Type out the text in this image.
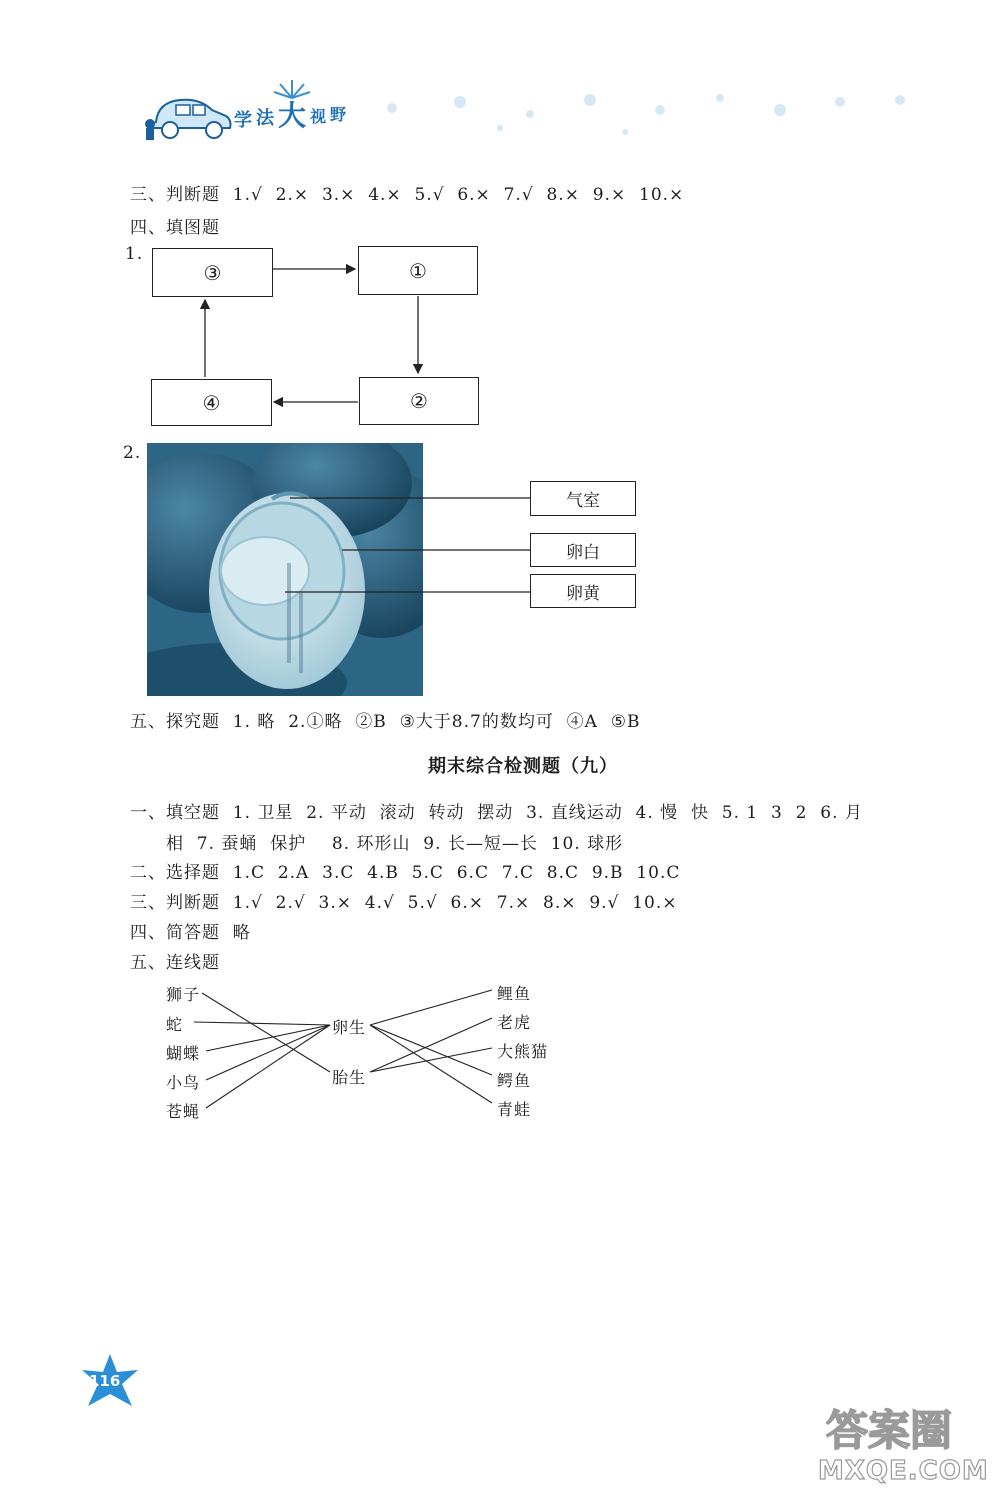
学 法 大 视 野
三、判断题  1.√  2.×  3.×  4.×  5.√  6.×  7.√  8.×  9.×  10.×
四、填图题
1.
③	①
②
④
2.
气室
卵白
卵黄
五、探究题  1. 略  2.①略  ②B  ③大于8.7的数均可  ④A  ⑤B
期末综合检测题（九）
一、填空题  1. 卫星  2. 平动  滚动  转动  摆动  3. 直线运动  4. 慢  快  5. 1  3  2  6. 月
相  7. 蚕蛹  保护    8. 环形山  9. 长—短—长  10. 球形
二、选择题  1.C  2.A  3.C  4.B  5.C  6.C  7.C  8.C  9.B  10.C
三、判断题  1.√  2.√  3.×  4.√  5.√  6.×  7.×  8.×  9.√  10.×
四、简答题  略
五、连线题
狮子
蛇
蝴蝶
小鸟
苍蝇
卵生
胎生
鲤鱼
老虎
大熊猫
鳄鱼
青蛙
116
答案圈
MXQE.COM
